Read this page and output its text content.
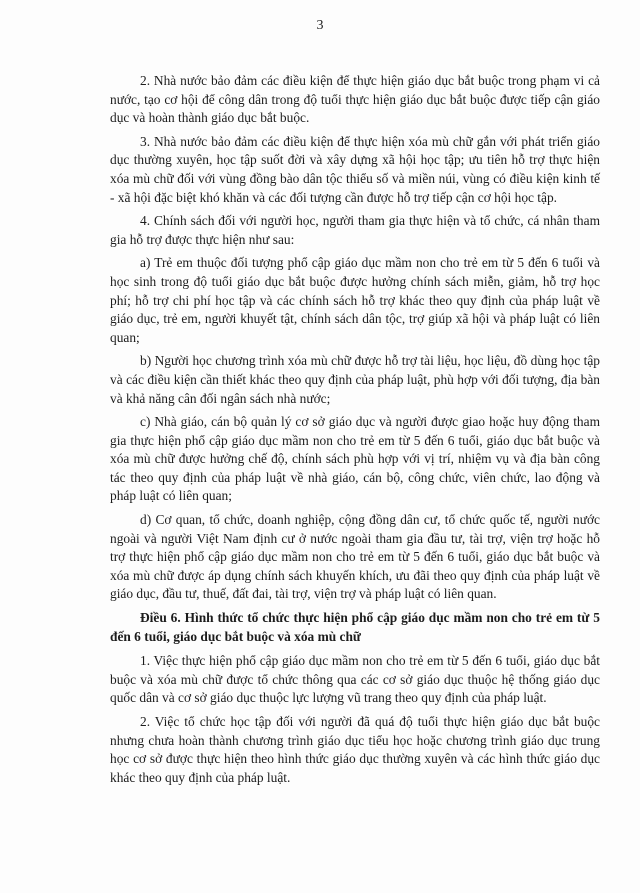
3

2. Nhà nước bảo đảm các điều kiện để thực hiện giáo dục bắt buộc trong phạm vi cả nước, tạo cơ hội để công dân trong độ tuổi thực hiện giáo dục bắt buộc được tiếp cận giáo dục và hoàn thành giáo dục bắt buộc.

3. Nhà nước bảo đảm các điều kiện để thực hiện xóa mù chữ gắn với phát triển giáo dục thường xuyên, học tập suốt đời và xây dựng xã hội học tập; ưu tiên hỗ trợ thực hiện xóa mù chữ đối với vùng đồng bào dân tộc thiểu số và miền núi, vùng có điều kiện kinh tế - xã hội đặc biệt khó khăn và các đối tượng cần được hỗ trợ tiếp cận cơ hội học tập.

4. Chính sách đối với người học, người tham gia thực hiện và tổ chức, cá nhân tham gia hỗ trợ được thực hiện như sau:

a) Trẻ em thuộc đối tượng phổ cập giáo dục mầm non cho trẻ em từ 5 đến 6 tuổi và học sinh trong độ tuổi giáo dục bắt buộc được hưởng chính sách miễn, giảm, hỗ trợ học phí; hỗ trợ chi phí học tập và các chính sách hỗ trợ khác theo quy định của pháp luật về giáo dục, trẻ em, người khuyết tật, chính sách dân tộc, trợ giúp xã hội và pháp luật có liên quan;

b) Người học chương trình xóa mù chữ được hỗ trợ tài liệu, học liệu, đồ dùng học tập và các điều kiện cần thiết khác theo quy định của pháp luật, phù hợp với đối tượng, địa bàn và khả năng cân đối ngân sách nhà nước;

c) Nhà giáo, cán bộ quản lý cơ sở giáo dục và người được giao hoặc huy động tham gia thực hiện phổ cập giáo dục mầm non cho trẻ em từ 5 đến 6 tuổi, giáo dục bắt buộc và xóa mù chữ được hưởng chế độ, chính sách phù hợp với vị trí, nhiệm vụ và địa bàn công tác theo quy định của pháp luật về nhà giáo, cán bộ, công chức, viên chức, lao động và pháp luật có liên quan;

d) Cơ quan, tổ chức, doanh nghiệp, cộng đồng dân cư, tổ chức quốc tế, người nước ngoài và người Việt Nam định cư ở nước ngoài tham gia đầu tư, tài trợ, viện trợ hoặc hỗ trợ thực hiện phổ cập giáo dục mầm non cho trẻ em từ 5 đến 6 tuổi, giáo dục bắt buộc và xóa mù chữ được áp dụng chính sách khuyến khích, ưu đãi theo quy định của pháp luật về giáo dục, đầu tư, thuế, đất đai, tài trợ, viện trợ và pháp luật có liên quan.

Điều 6. Hình thức tổ chức thực hiện phổ cập giáo dục mầm non cho trẻ em từ 5 đến 6 tuổi, giáo dục bắt buộc và xóa mù chữ

1. Việc thực hiện phổ cập giáo dục mầm non cho trẻ em từ 5 đến 6 tuổi, giáo dục bắt buộc và xóa mù chữ được tổ chức thông qua các cơ sở giáo dục thuộc hệ thống giáo dục quốc dân và cơ sở giáo dục thuộc lực lượng vũ trang theo quy định của pháp luật.

2. Việc tổ chức học tập đối với người đã quá độ tuổi thực hiện giáo dục bắt buộc nhưng chưa hoàn thành chương trình giáo dục tiểu học hoặc chương trình giáo dục trung học cơ sở được thực hiện theo hình thức giáo dục thường xuyên và các hình thức giáo dục khác theo quy định của pháp luật.
